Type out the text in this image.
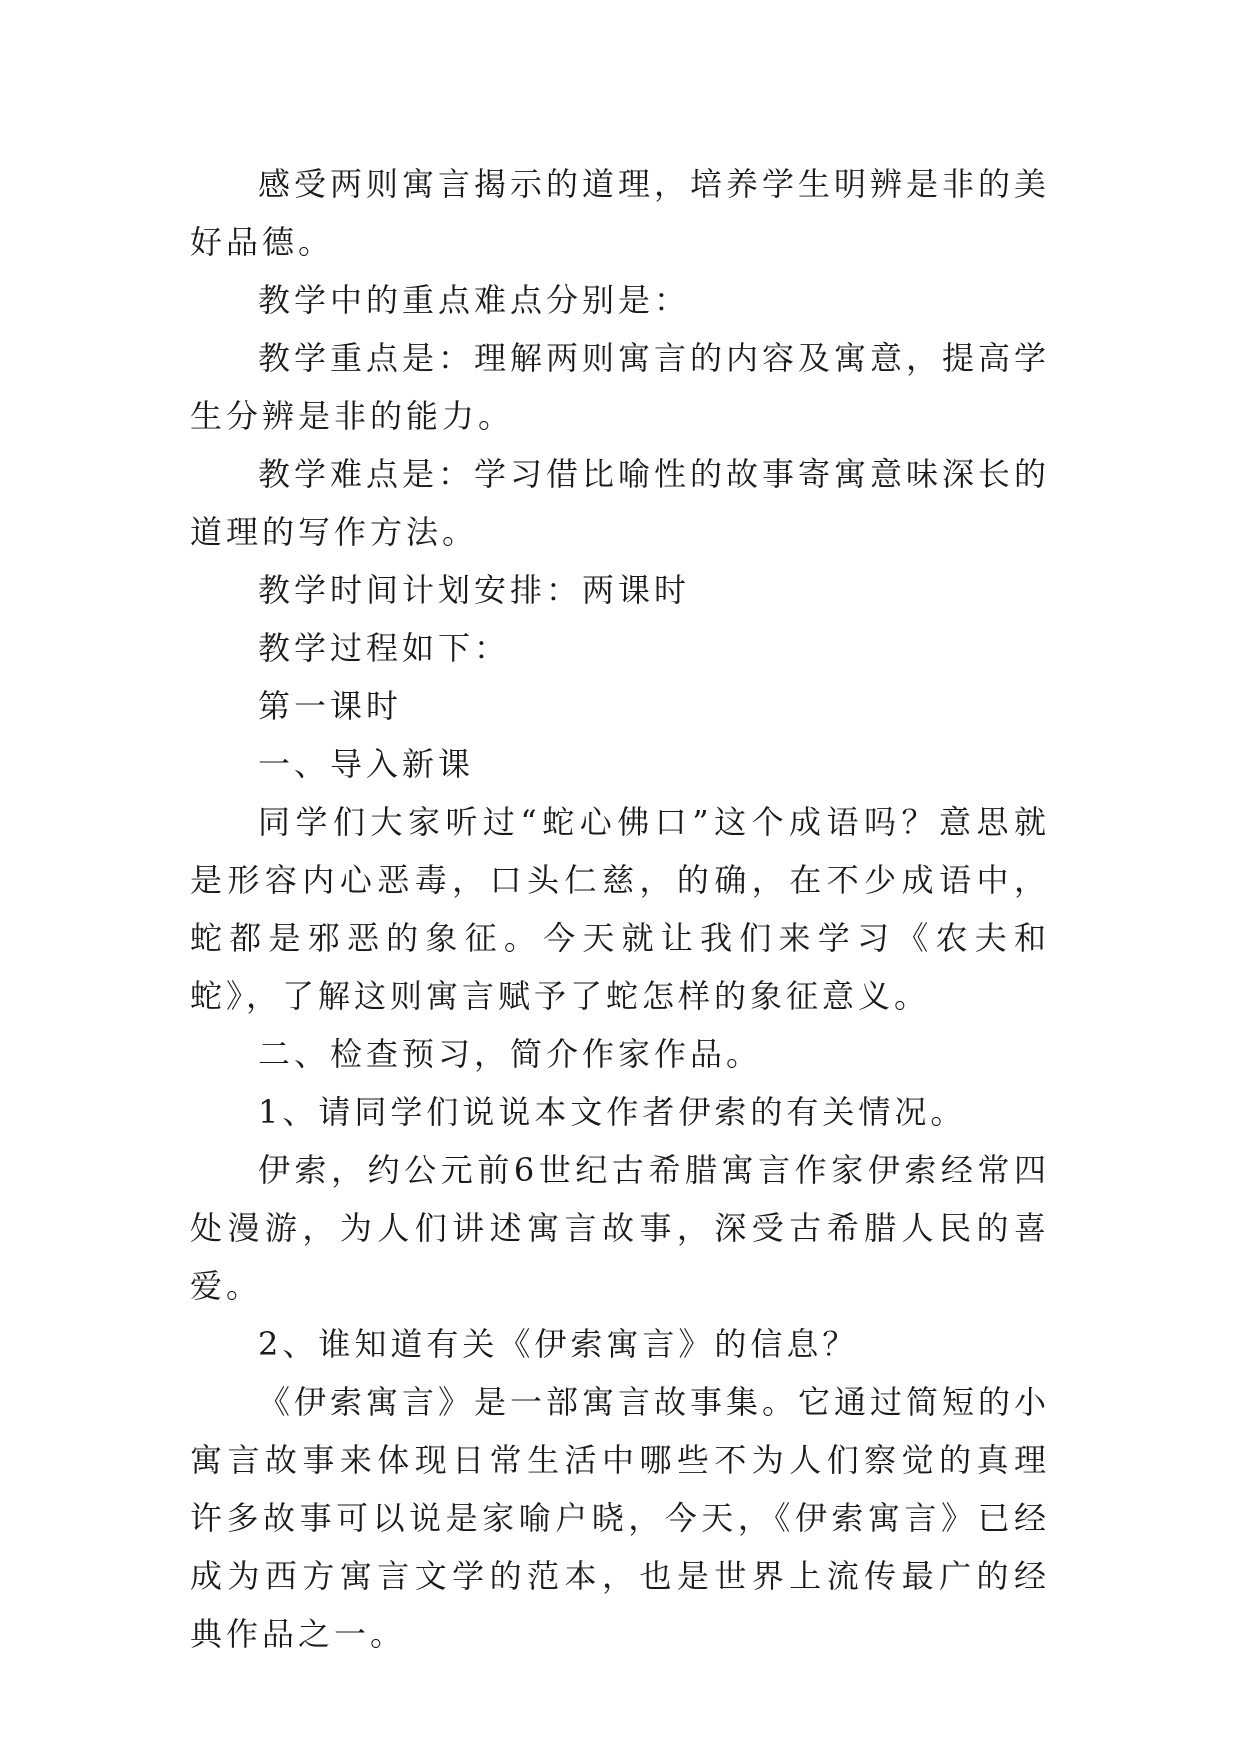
感受两则寓言揭示的道理，培养学生明辨是非的美好品德。

教学中的重点难点分别是：

教学重点是：理解两则寓言的内容及寓意，提高学生分辨是非的能力。

教学难点是：学习借比喻性的故事寄寓意味深长的道理的写作方法。

教学时间计划安排：两课时

教学过程如下：

第一课时

一、导入新课

同学们大家听过“蛇心佛口”这个成语吗？意思就是形容内心恶毒，口头仁慈，的确，在不少成语中，蛇都是邪恶的象征。今天就让我们来学习《农夫和蛇》，了解这则寓言赋予了蛇怎样的象征意义。

二、检查预习，简介作家作品。

1、请同学们说说本文作者伊索的有关情况。

伊索，约公元前6世纪古希腊寓言作家伊索经常四处漫游，为人们讲述寓言故事，深受古希腊人民的喜爱。

2、谁知道有关《伊索寓言》的信息？

《伊索寓言》是一部寓言故事集。它通过简短的小寓言故事来体现日常生活中哪些不为人们察觉的真理许多故事可以说是家喻户晓，今天，《伊索寓言》已经成为西方寓言文学的范本，也是世界上流传最广的经典作品之一。
